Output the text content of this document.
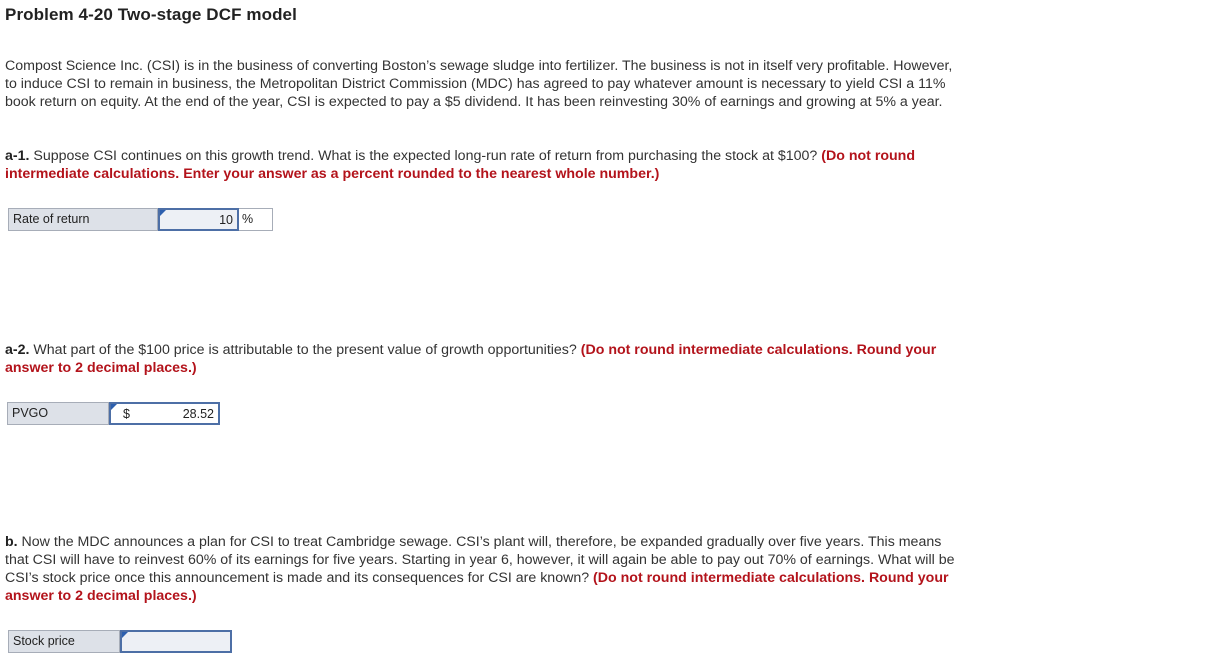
Problem 4-20 Two-stage DCF model
Compost Science Inc. (CSI) is in the business of converting Boston’s sewage sludge into fertilizer. The business is not in itself very profitable. However, to induce CSI to remain in business, the Metropolitan District Commission (MDC) has agreed to pay whatever amount is necessary to yield CSI a 11% book return on equity. At the end of the year, CSI is expected to pay a $5 dividend. It has been reinvesting 30% of earnings and growing at 5% a year.
a-1. Suppose CSI continues on this growth trend. What is the expected long-run rate of return from purchasing the stock at $100? (Do not round intermediate calculations. Enter your answer as a percent rounded to the nearest whole number.)
Rate of return	10 %
a-2. What part of the $100 price is attributable to the present value of growth opportunities? (Do not round intermediate calculations. Round your answer to 2 decimal places.)
PVGO	$	28.52
b. Now the MDC announces a plan for CSI to treat Cambridge sewage. CSI’s plant will, therefore, be expanded gradually over five years. This means that CSI will have to reinvest 60% of its earnings for five years. Starting in year 6, however, it will again be able to pay out 70% of earnings. What will be CSI’s stock price once this announcement is made and its consequences for CSI are known? (Do not round intermediate calculations. Round your answer to 2 decimal places.)
Stock price
